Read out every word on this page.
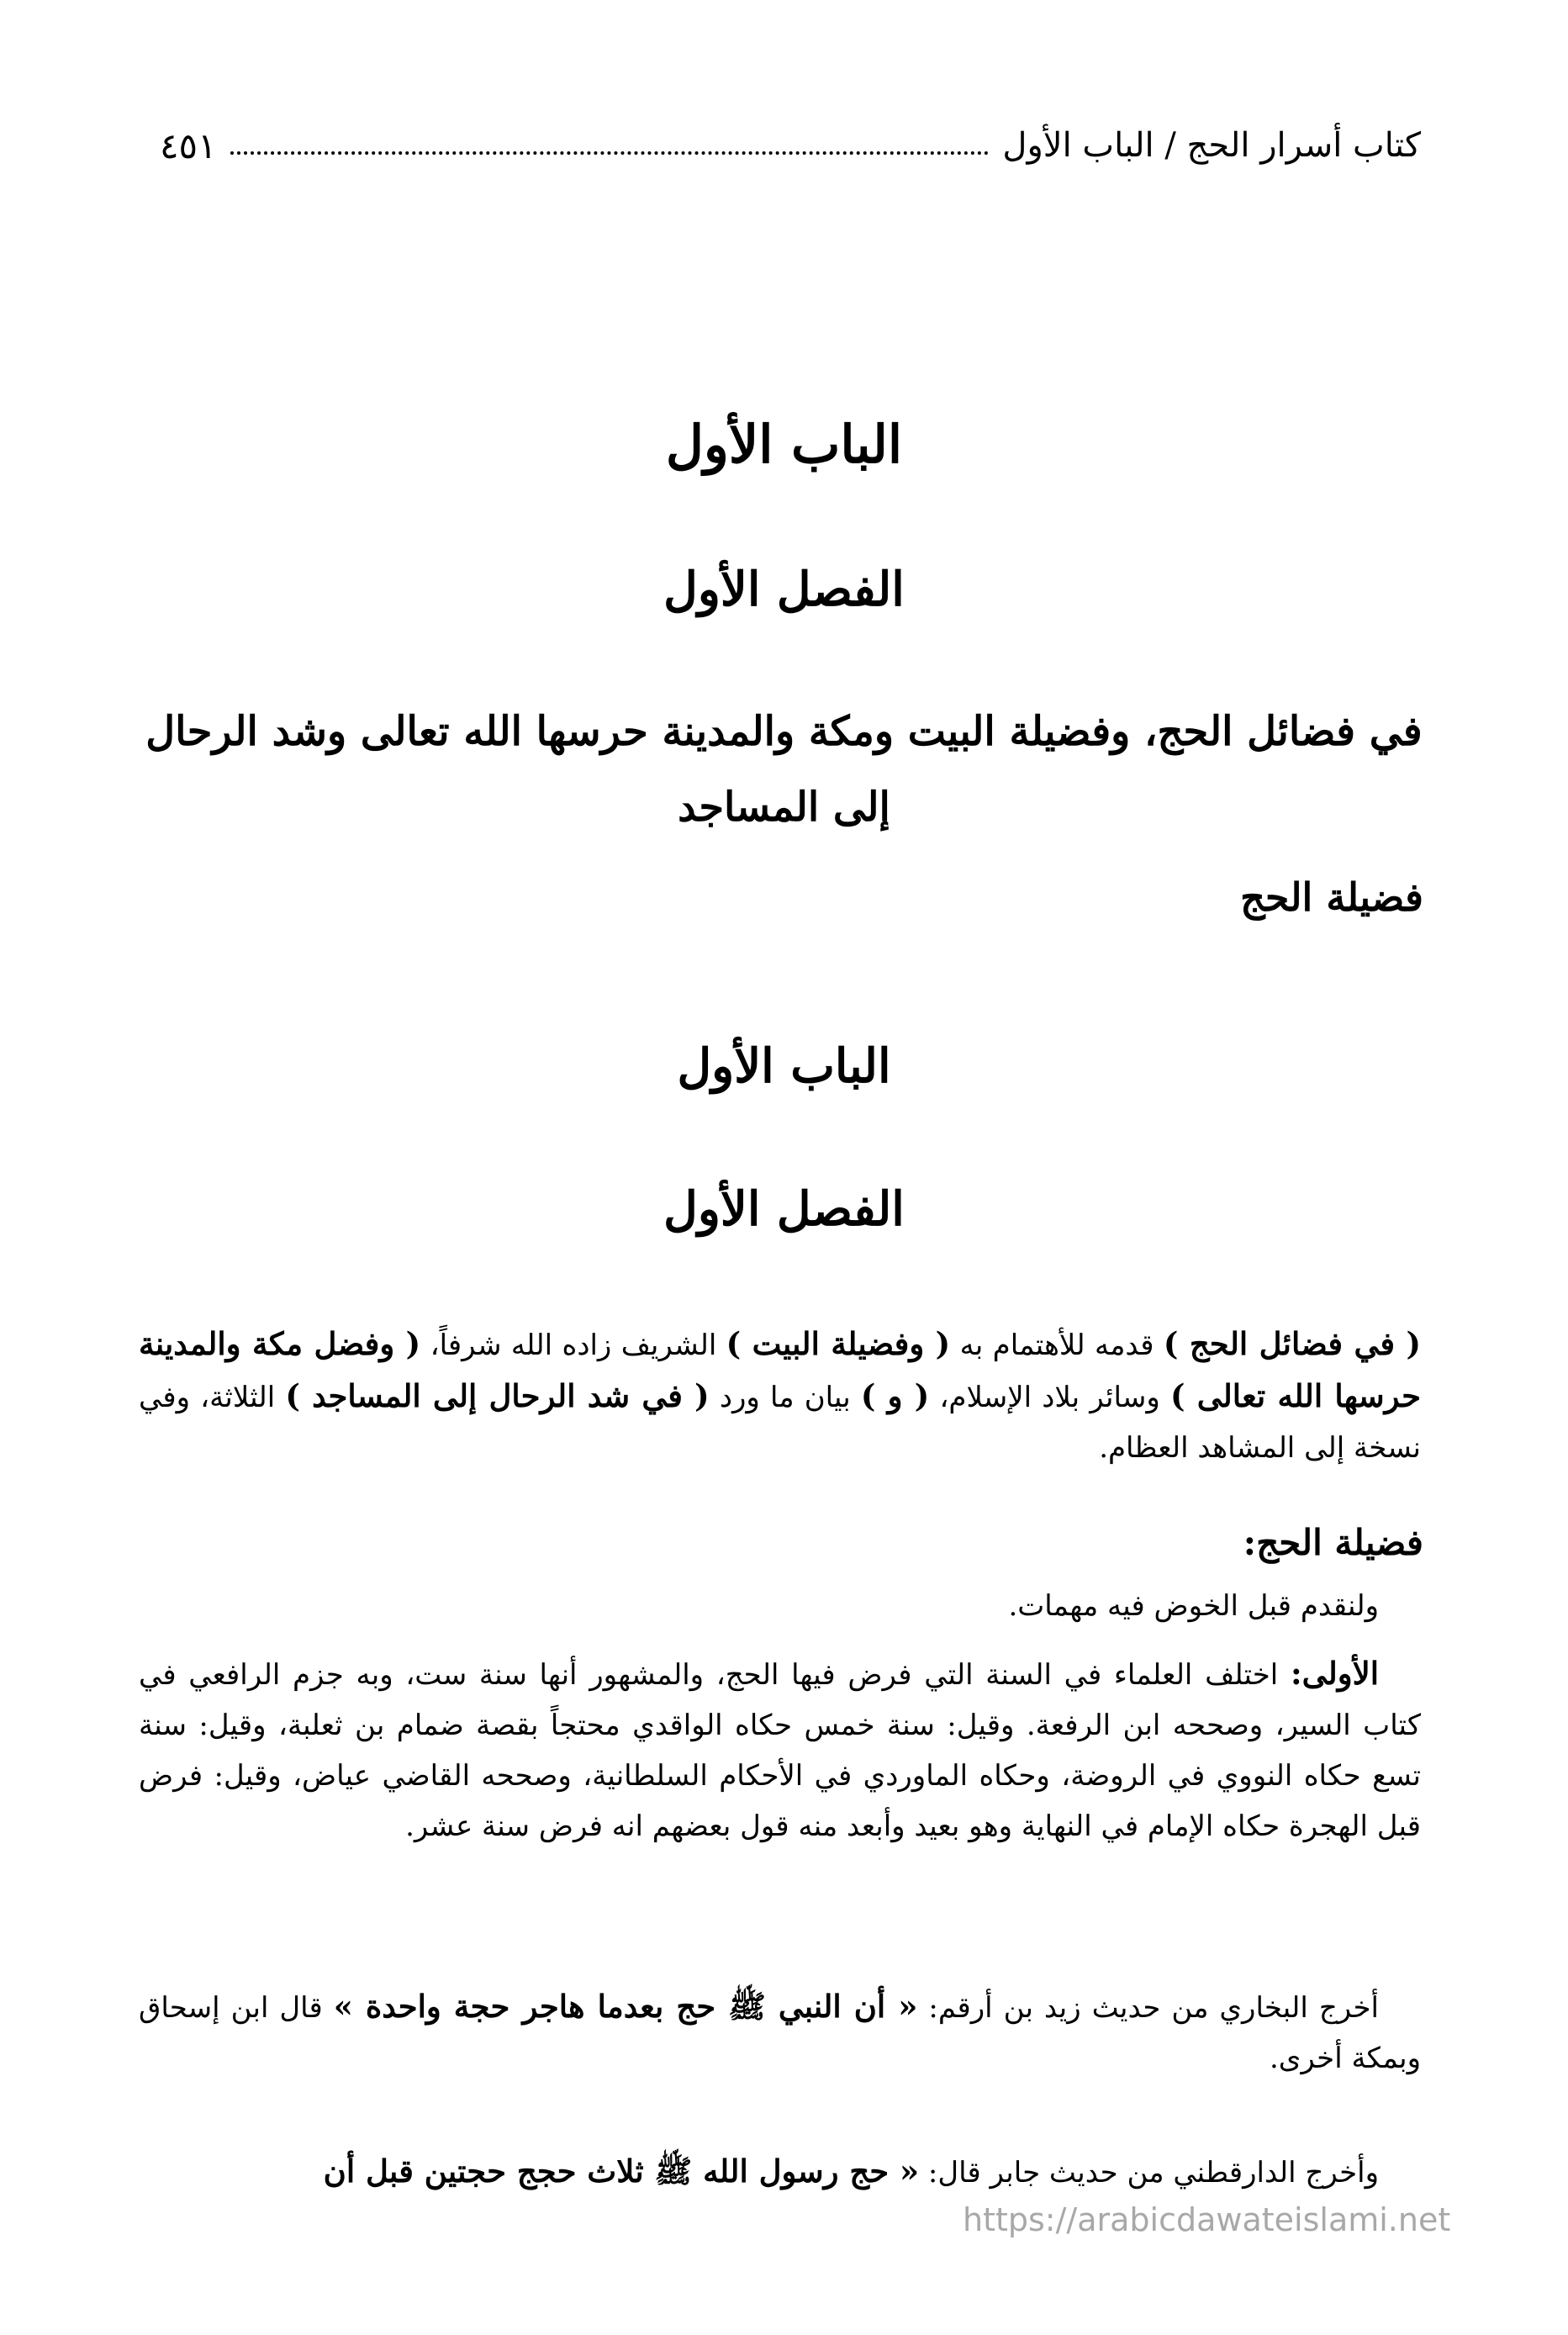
كتاب أسرار الحج / الباب الأول
٤٥١
الباب الأول
الفصل الأول
في فضائل الحج، وفضيلة البيت ومكة والمدينة حرسها الله تعالى وشد الرحال
إلى المساجد
فضيلة الحج
الباب الأول
الفصل الأول
( في فضائل الحج ) قدمه للأهتمام به ( وفضيلة البيت ) الشريف زاده الله شرفاً، ( وفضل مكة والمدينة حرسها الله تعالى ) وسائر بلاد الإسلام، ( و ) بيان ما ورد ( في شد الرحال إلى المساجد ) الثلاثة، وفي نسخة إلى المشاهد العظام.
فضيلة الحج:
ولنقدم قبل الخوض فيه مهمات.
الأولى: اختلف العلماء في السنة التي فرض فيها الحج، والمشهور أنها سنة ست، وبه جزم الرافعي في كتاب السير، وصححه ابن الرفعة. وقيل: سنة خمس حكاه الواقدي محتجاً بقصة ضمام بن ثعلبة، وقيل: سنة تسع حكاه النووي في الروضة، وحكاه الماوردي في الأحكام السلطانية، وصححه القاضي عياض، وقيل: فرض قبل الهجرة حكاه الإمام في النهاية وهو بعيد وأبعد منه قول بعضهم انه فرض سنة عشر.
أخرج البخاري من حديث زيد بن أرقم: « أن النبي ﷺ حج بعدما هاجر حجة واحدة » قال ابن إسحاق وبمكة أخرى.
وأخرج الدارقطني من حديث جابر قال: « حج رسول الله ﷺ ثلاث حجج حجتين قبل أن
https://arabicdawateislami.net
